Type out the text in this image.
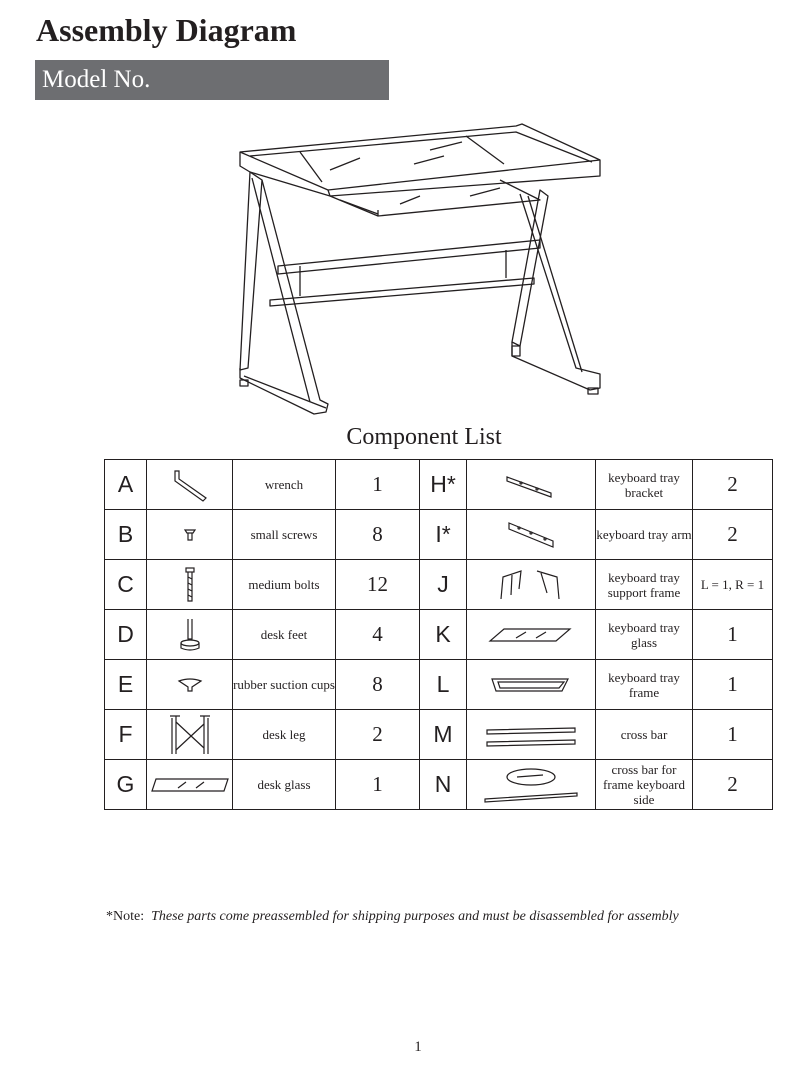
Assembly Diagram
Model No.
Component List
A		wrench	1	H*		keyboard tray bracket	2
B		small screws	8	I*		keyboard tray arm	2
C		medium bolts	12	J		keyboard tray support frame	L = 1, R = 1
D		desk feet	4	K		keyboard tray glass	1
E		rubber suction cups	8	L		keyboard tray frame	1
F		desk leg	2	M		cross bar	1
G		desk glass	1	N		cross bar for frame keyboard side	2
*Note: These parts come preassembled for shipping purposes and must be disassembled for assembly
1
